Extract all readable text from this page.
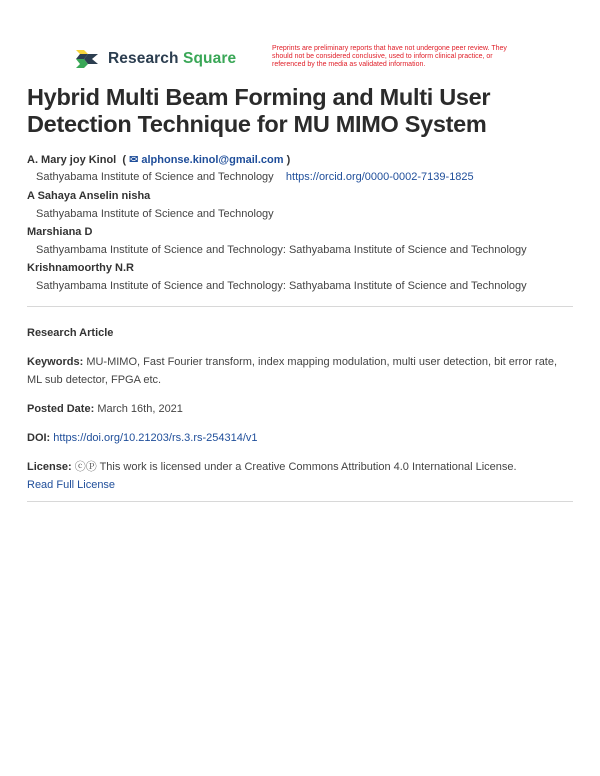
Research Square
Preprints are preliminary reports that have not undergone peer review. They should not be considered conclusive, used to inform clinical practice, or referenced by the media as validated information.
Hybrid Multi Beam Forming and Multi User Detection Technique for MU MIMO System
A. Mary joy Kinol  ( ✉ alphonse.kinol@gmail.com )
Sathyabama Institute of Science and Technology https://orcid.org/0000-0002-7139-1825
A Sahaya Anselin nisha
Sathyabama Institute of Science and Technology
Marshiana D
Sathyambama Institute of Science and Technology: Sathyabama Institute of Science and Technology
Krishnamoorthy N.R
Sathyambama Institute of Science and Technology: Sathyabama Institute of Science and Technology
Research Article
Keywords: MU-MIMO, Fast Fourier transform, index mapping modulation, multi user detection, bit error rate, ML sub detector, FPGA etc.
Posted Date: March 16th, 2021
DOI: https://doi.org/10.21203/rs.3.rs-254314/v1
License: ⓒⓅ This work is licensed under a Creative Commons Attribution 4.0 International License.
Read Full License
